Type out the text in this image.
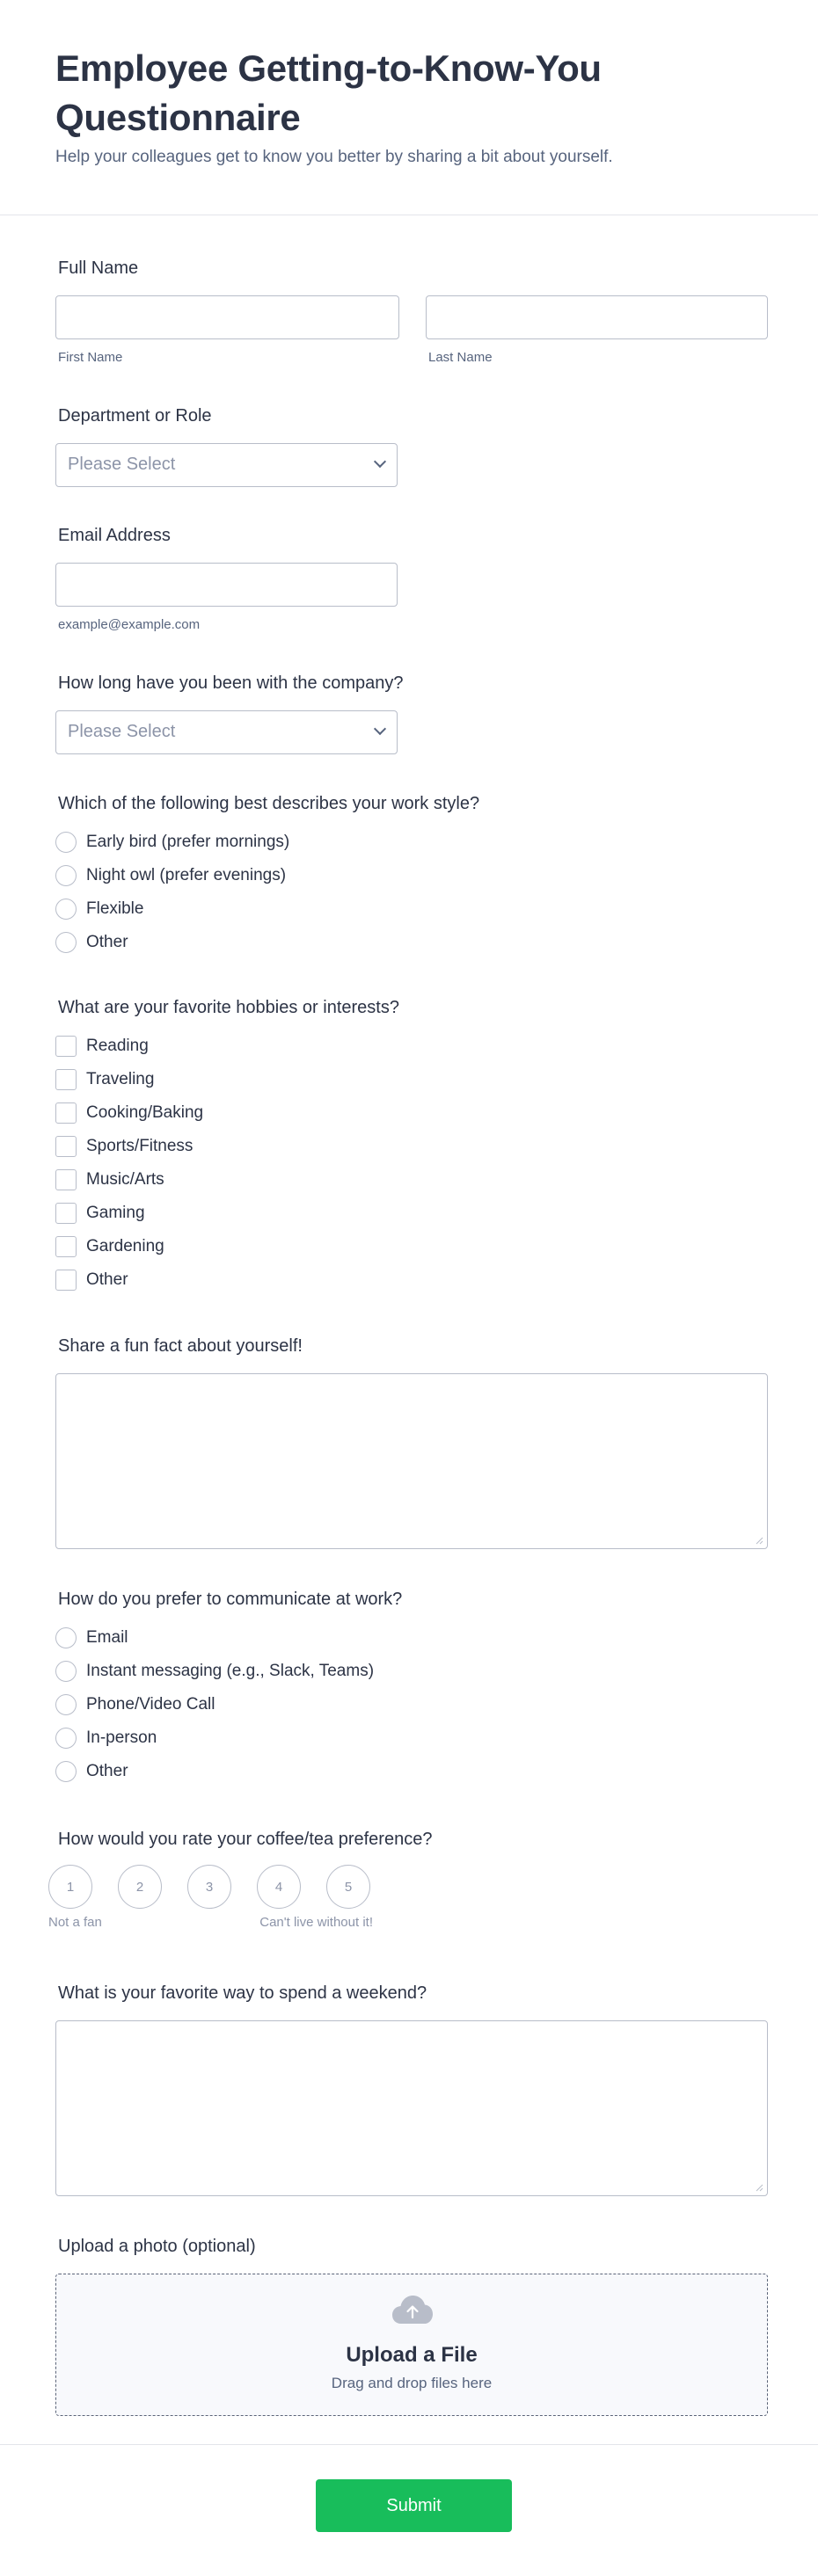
Employee Getting-to-Know-You Questionnaire
Help your colleagues get to know you better by sharing a bit about yourself.
Full Name
First Name	Last Name
Department or Role
Please Select
Email Address
example@example.com
How long have you been with the company?
Please Select
Which of the following best describes your work style?
Early bird (prefer mornings)
Night owl (prefer evenings)
Flexible
Other
What are your favorite hobbies or interests?
Reading
Traveling
Cooking/Baking
Sports/Fitness
Music/Arts
Gaming
Gardening
Other
Share a fun fact about yourself!
How do you prefer to communicate at work?
Email
Instant messaging (e.g., Slack, Teams)
Phone/Video Call
In-person
Other
How would you rate your coffee/tea preference?
1	2	3	4	5
Not a fan	Can't live without it!
What is your favorite way to spend a weekend?
Upload a photo (optional)
Upload a File
Drag and drop files here
Submit
